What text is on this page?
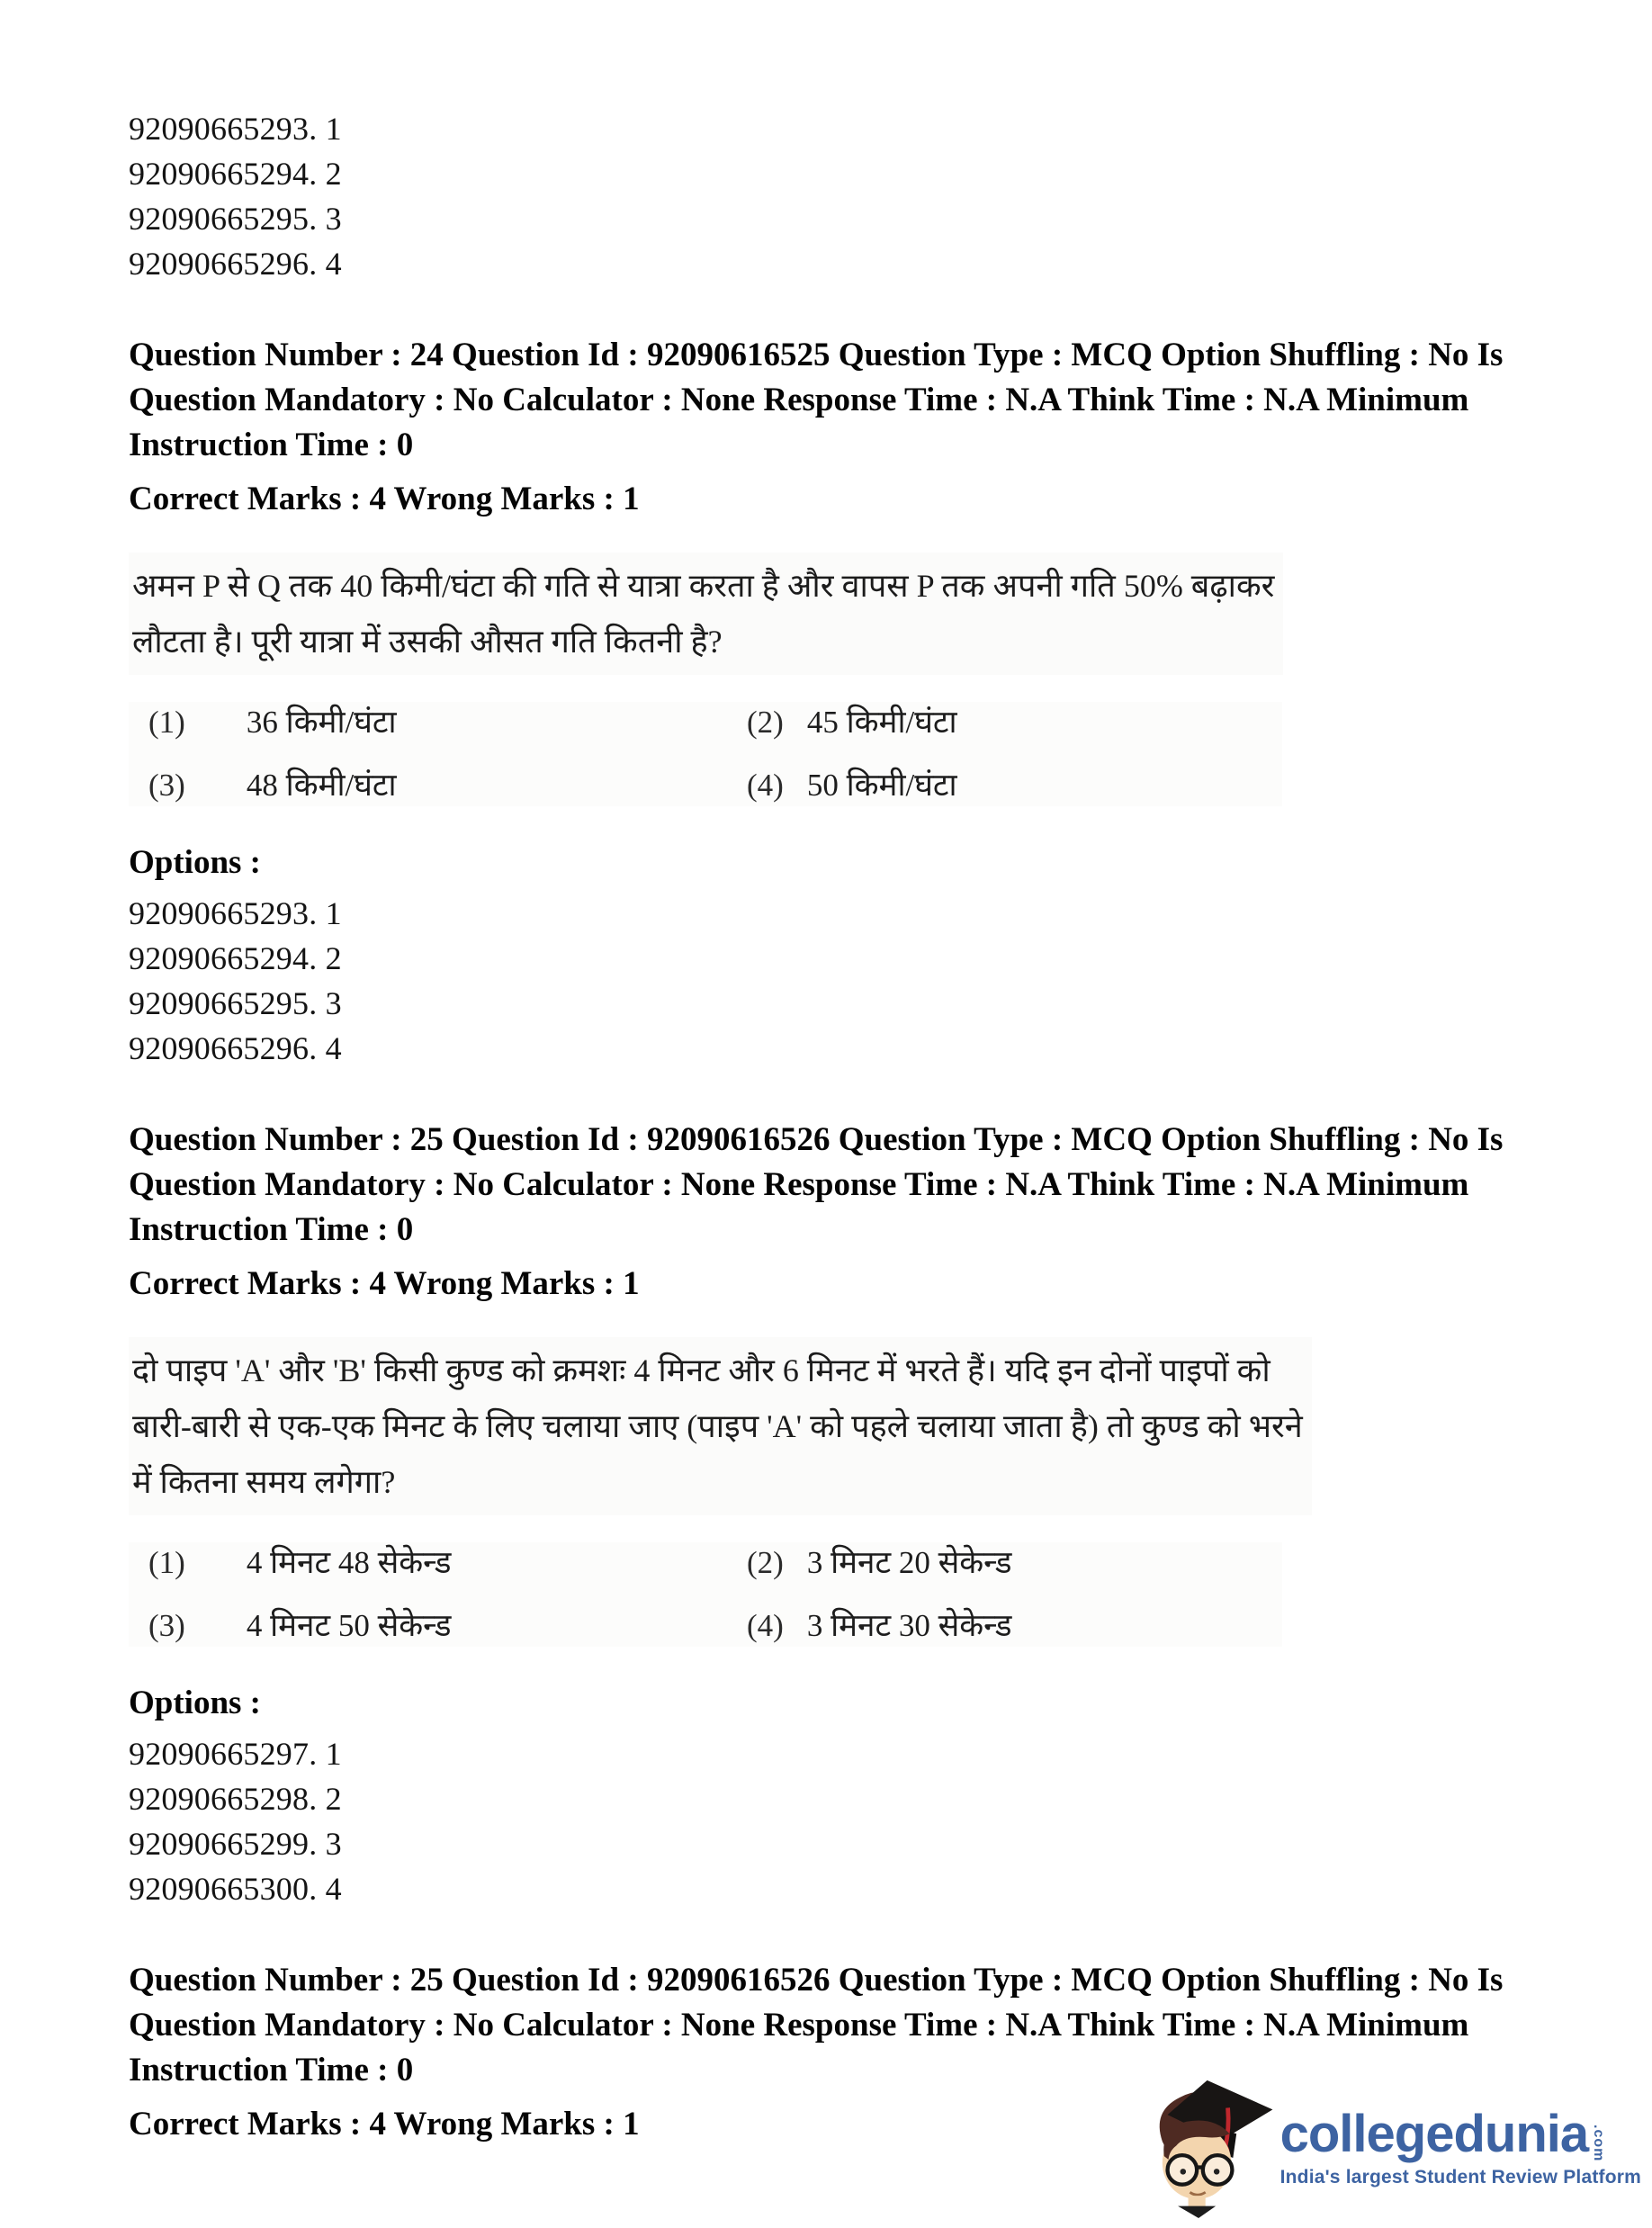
92090665293. 1
92090665294. 2
92090665295. 3
92090665296. 4
Question Number : 24 Question Id : 92090616525 Question Type : MCQ Option Shuffling : No Is
Question Mandatory : No Calculator : None Response Time : N.A Think Time : N.A Minimum
Instruction Time : 0
Correct Marks : 4 Wrong Marks : 1
अमन P से Q तक 40 किमी/घंटा की गति से यात्रा करता है और वापस P तक अपनी गति 50% बढ़ाकर
लौटता है। पूरी यात्रा में उसकी औसत गति कितनी है?
(1) 36 किमी/घंटा	(2) 45 किमी/घंटा
(3) 48 किमी/घंटा	(4) 50 किमी/घंटा
Options :
92090665293. 1
92090665294. 2
92090665295. 3
92090665296. 4
Question Number : 25 Question Id : 92090616526 Question Type : MCQ Option Shuffling : No Is
Question Mandatory : No Calculator : None Response Time : N.A Think Time : N.A Minimum
Instruction Time : 0
Correct Marks : 4 Wrong Marks : 1
दो पाइप 'A' और 'B' किसी कुण्ड को क्रमशः 4 मिनट और 6 मिनट में भरते हैं। यदि इन दोनों पाइपों को
बारी-बारी से एक-एक मिनट के लिए चलाया जाए (पाइप 'A' को पहले चलाया जाता है) तो कुण्ड को भरने
में कितना समय लगेगा?
(1) 4 मिनट 48 सेकेन्ड	(2) 3 मिनट 20 सेकेन्ड
(3) 4 मिनट 50 सेकेन्ड	(4) 3 मिनट 30 सेकेन्ड
Options :
92090665297. 1
92090665298. 2
92090665299. 3
92090665300. 4
Question Number : 25 Question Id : 92090616526 Question Type : MCQ Option Shuffling : No Is
Question Mandatory : No Calculator : None Response Time : N.A Think Time : N.A Minimum
Instruction Time : 0
Correct Marks : 4 Wrong Marks : 1	collegedunia .com
India's largest Student Review Platform
